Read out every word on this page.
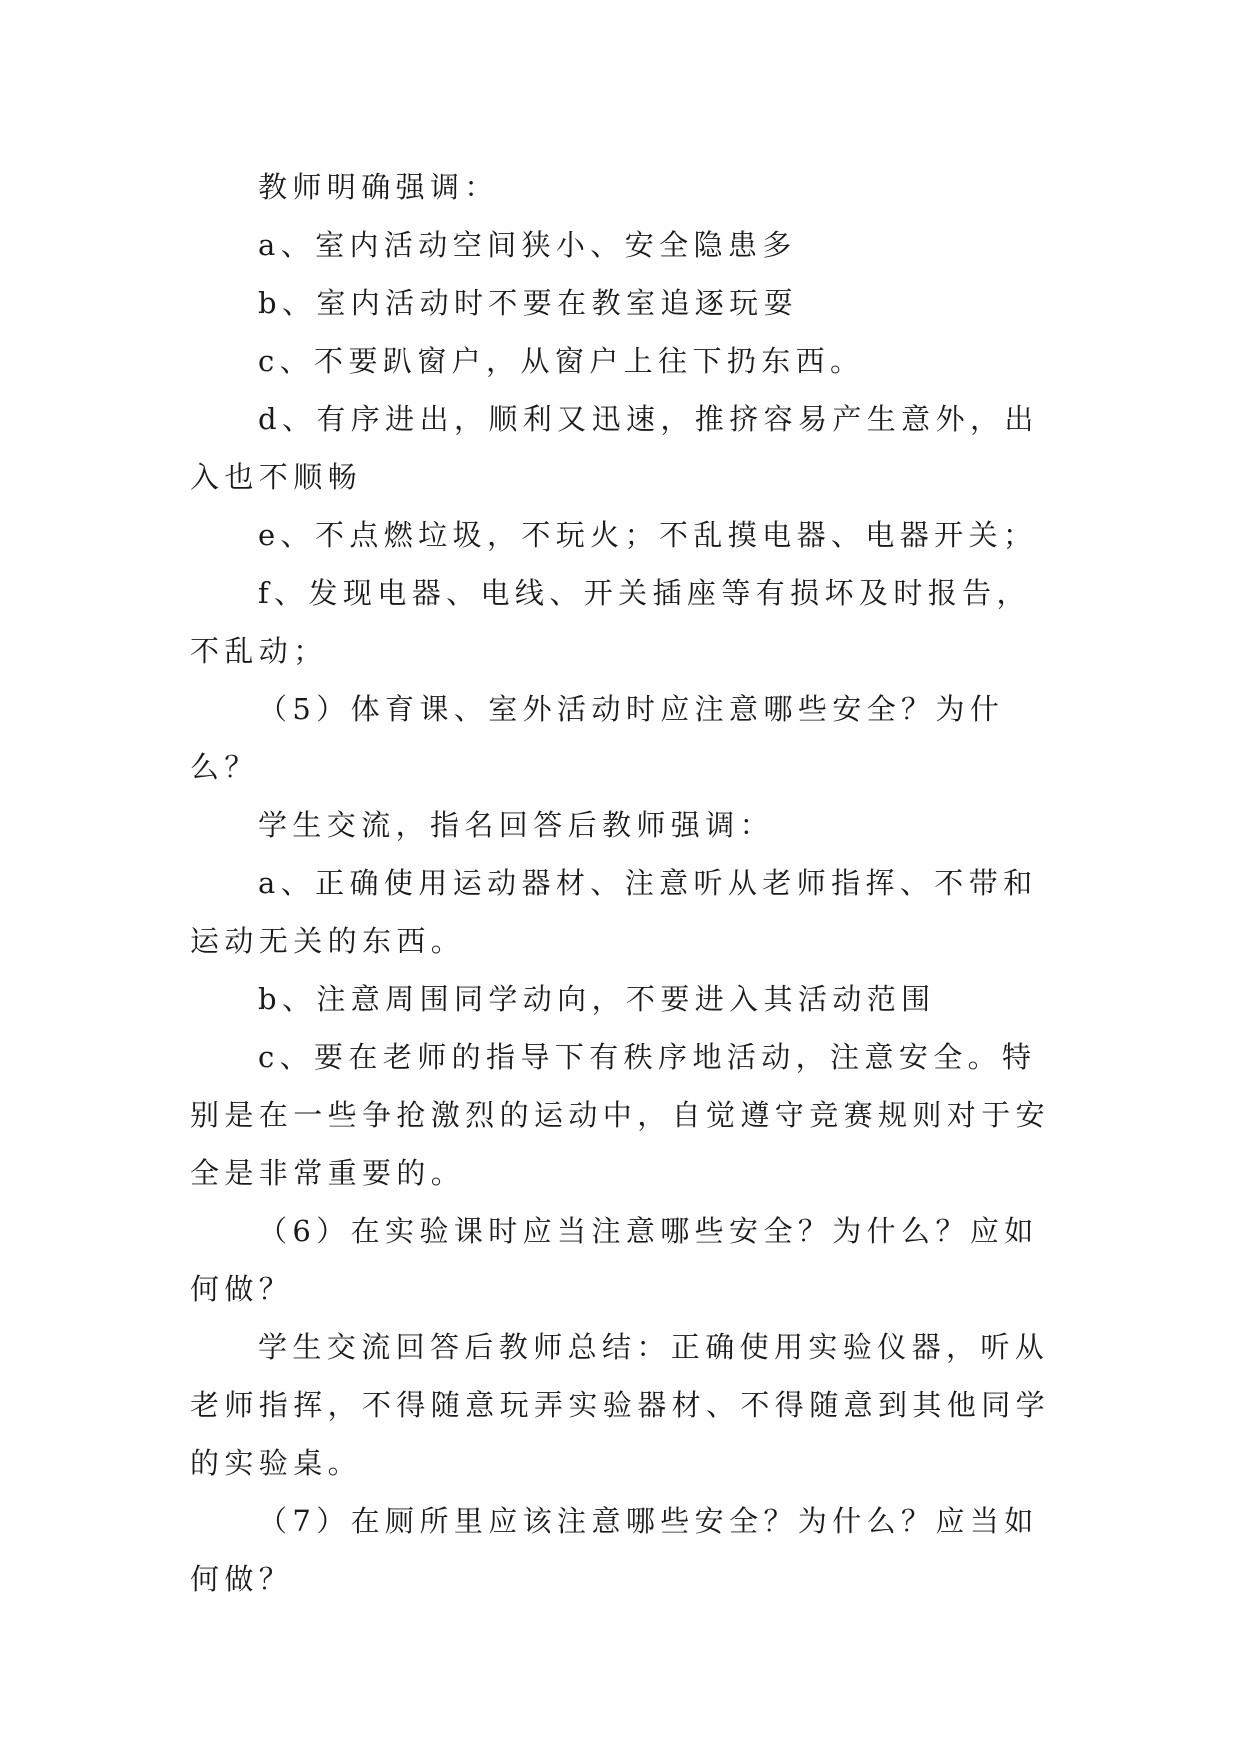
教师明确强调：

a、室内活动空间狭小、安全隐患多

b、室内活动时不要在教室追逐玩耍

c、不要趴窗户，从窗户上往下扔东西。

d、有序进出，顺利又迅速，推挤容易产生意外，出入也不顺畅

e、不点燃垃圾，不玩火；不乱摸电器、电器开关；

f、发现电器、电线、开关插座等有损坏及时报告，不乱动；

（5）体育课、室外活动时应注意哪些安全？为什么？

学生交流，指名回答后教师强调：

a、正确使用运动器材、注意听从老师指挥、不带和运动无关的东西。

b、注意周围同学动向，不要进入其活动范围

c、要在老师的指导下有秩序地活动，注意安全。特别是在一些争抢激烈的运动中，自觉遵守竞赛规则对于安全是非常重要的。

（6）在实验课时应当注意哪些安全？为什么？应如何做？

学生交流回答后教师总结：正确使用实验仪器，听从老师指挥，不得随意玩弄实验器材、不得随意到其他同学的实验桌。

（7）在厕所里应该注意哪些安全？为什么？应当如何做？
